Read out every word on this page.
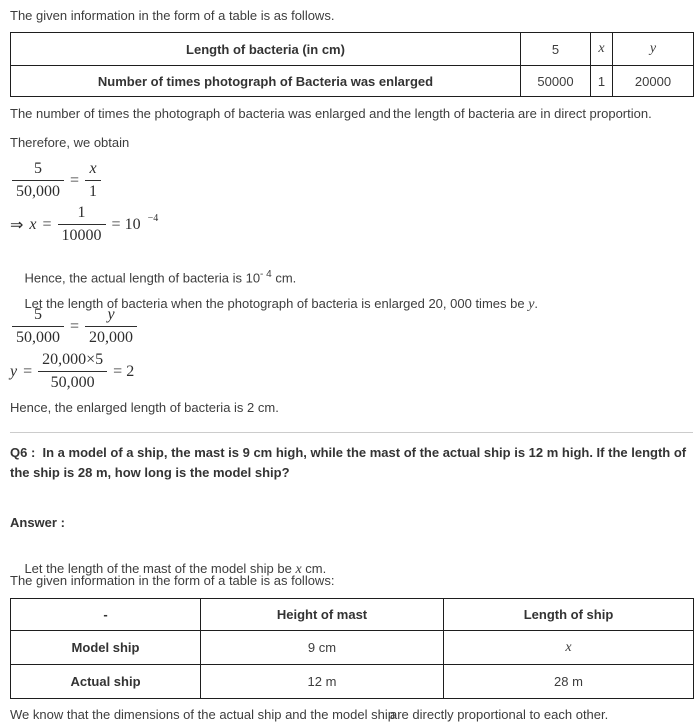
The given information in the form of a table is as follows.
Length of bacteria (in cm)	5	x	y
Number of times photograph of Bacteria was enlarged	50000	1	20000
The number of times the photograph of bacteria was enlarged and the length of bacteria are in direct proportion.
Therefore, we obtain
$\frac{5}{50,000} = \frac{x}{1}$
⇒ $x = \frac{1}{10000} = 10 -4$

Hence, the actual length of bacteria is $10^{- 4}$ cm.

Let the length of bacteria when the photograph of bacteria is enlarged 20, 000 times be y.

$\frac{5}{50,000} = \frac{y}{20,000}$
$y = \frac{20,000\times 5}{50,000} = 2$
Hence, the enlarged length of bacteria is 2 cm.
Q6 :  In a model of a ship, the mast is 9 cm high, while the mast of the actual ship is 12 m high. If the length of the ship is 28 m, how long is the model ship?
Answer :

Let the length of the mast of the model ship be x cm.

The given information in the form of a table is as follows:
-	Height of mast	Length of ship
Model ship	9 cm	x
Actual ship	12 m	28 m
We know that the dimensions of the actual ship and the model ship
are directly proportional to each other.
